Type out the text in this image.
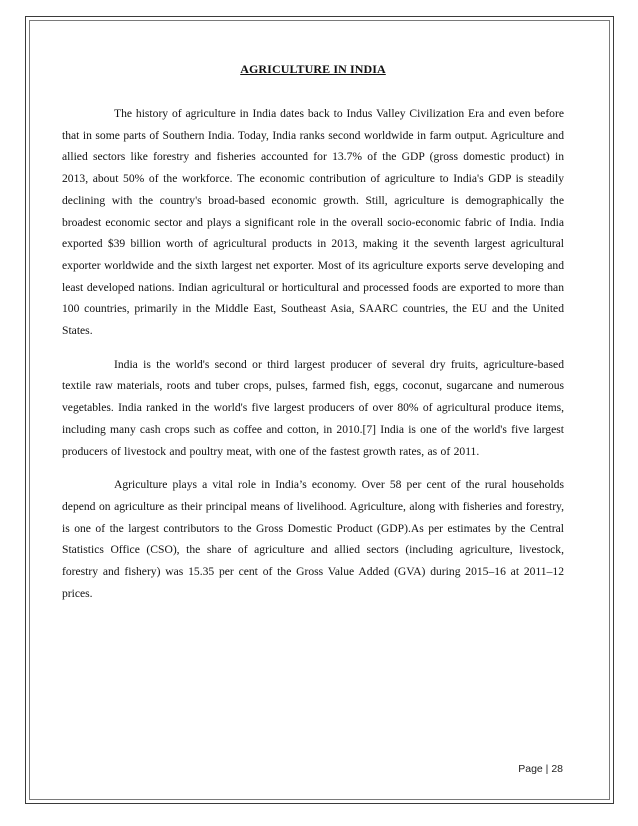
AGRICULTURE IN INDIA

The history of agriculture in India dates back to Indus Valley Civilization Era and even before that in some parts of Southern India. Today, India ranks second worldwide in farm output. Agriculture and allied sectors like forestry and fisheries accounted for 13.7% of the GDP (gross domestic product) in 2013, about 50% of the workforce. The economic contribution of agriculture to India's GDP is steadily declining with the country's broad-based economic growth. Still, agriculture is demographically the broadest economic sector and plays a significant role in the overall socio-economic fabric of India. India exported $39 billion worth of agricultural products in 2013, making it the seventh largest agricultural exporter worldwide and the sixth largest net exporter. Most of its agriculture exports serve developing and least developed nations. Indian agricultural or horticultural and processed foods are exported to more than 100 countries, primarily in the Middle East, Southeast Asia, SAARC countries, the EU and the United States.

India is the world's second or third largest producer of several dry fruits, agriculture-based textile raw materials, roots and tuber crops, pulses, farmed fish, eggs, coconut, sugarcane and numerous vegetables. India ranked in the world's five largest producers of over 80% of agricultural produce items, including many cash crops such as coffee and cotton, in 2010.[7] India is one of the world's five largest producers of livestock and poultry meat, with one of the fastest growth rates, as of 2011.

Agriculture plays a vital role in India’s economy. Over 58 per cent of the rural households depend on agriculture as their principal means of livelihood. Agriculture, along with fisheries and forestry, is one of the largest contributors to the Gross Domestic Product (GDP).As per estimates by the Central Statistics Office (CSO), the share of agriculture and allied sectors (including agriculture, livestock, forestry and fishery) was 15.35 per cent of the Gross Value Added (GVA) during 2015–16 at 2011–12 prices.

Page | 28
